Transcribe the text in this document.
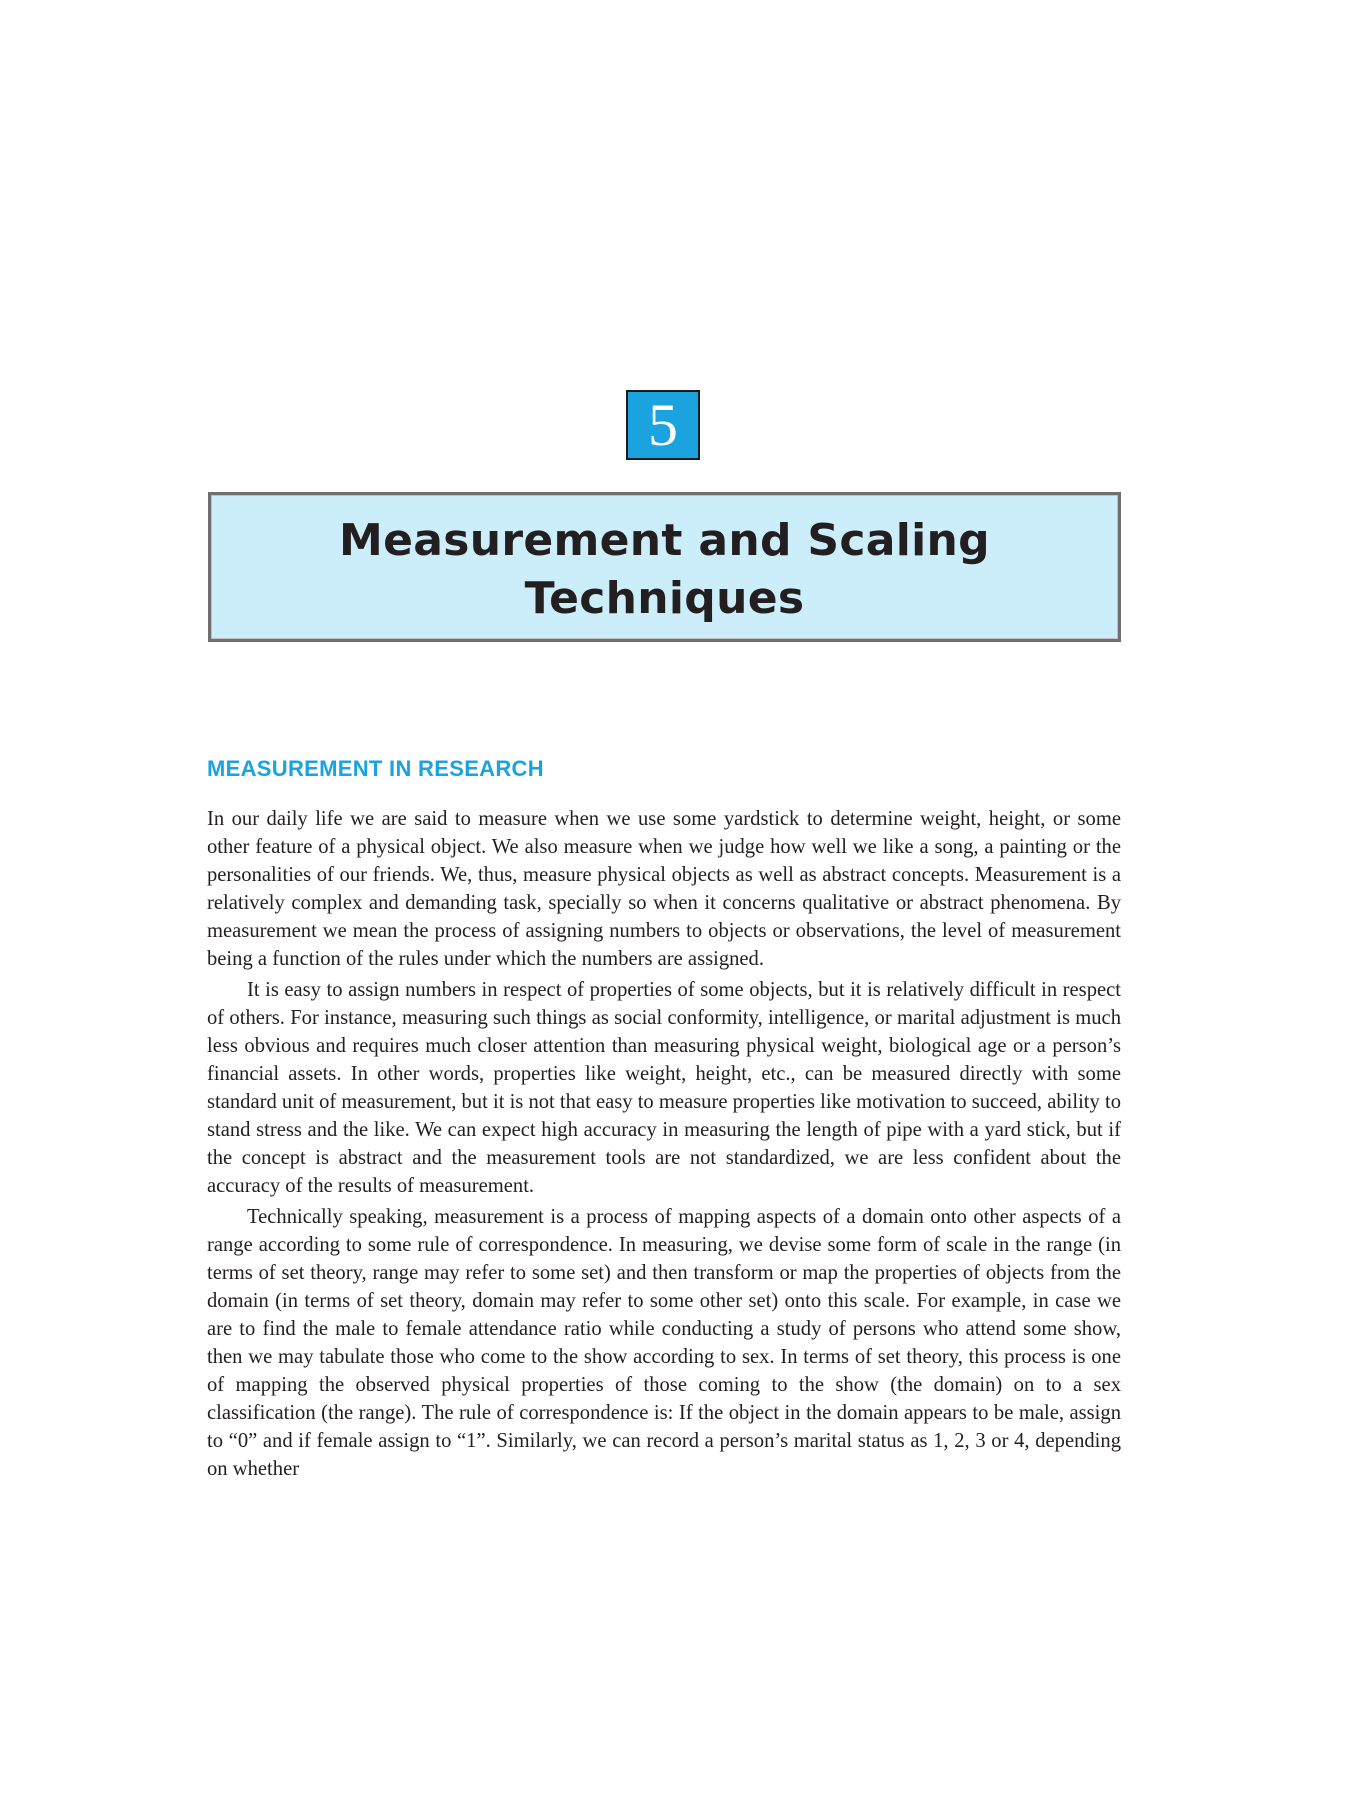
5
Measurement and Scaling
Techniques
MEASUREMENT IN RESEARCH

In our daily life we are said to measure when we use some yardstick to determine weight, height, or some other feature of a physical object. We also measure when we judge how well we like a song, a painting or the personalities of our friends. We, thus, measure physical objects as well as abstract concepts. Measurement is a relatively complex and demanding task, specially so when it concerns qualitative or abstract phenomena. By measurement we mean the process of assigning numbers to objects or observations, the level of measurement being a function of the rules under which the numbers are assigned.

It is easy to assign numbers in respect of properties of some objects, but it is relatively difficult in respect of others. For instance, measuring such things as social conformity, intelligence, or marital adjustment is much less obvious and requires much closer attention than measuring physical weight, biological age or a person’s financial assets. In other words, properties like weight, height, etc., can be measured directly with some standard unit of measurement, but it is not that easy to measure properties like motivation to succeed, ability to stand stress and the like. We can expect high accuracy in measuring the length of pipe with a yard stick, but if the concept is abstract and the measurement tools are not standardized, we are less confident about the accuracy of the results of measurement.

Technically speaking, measurement is a process of mapping aspects of a domain onto other aspects of a range according to some rule of correspondence. In measuring, we devise some form of scale in the range (in terms of set theory, range may refer to some set) and then transform or map the properties of objects from the domain (in terms of set theory, domain may refer to some other set) onto this scale. For example, in case we are to find the male to female attendance ratio while conducting a study of persons who attend some show, then we may tabulate those who come to the show according to sex. In terms of set theory, this process is one of mapping the observed physical properties of those coming to the show (the domain) on to a sex classification (the range). The rule of correspondence is: If the object in the domain appears to be male, assign to “0” and if female assign to “1”. Similarly, we can record a person’s marital status as 1, 2, 3 or 4, depending on whether
